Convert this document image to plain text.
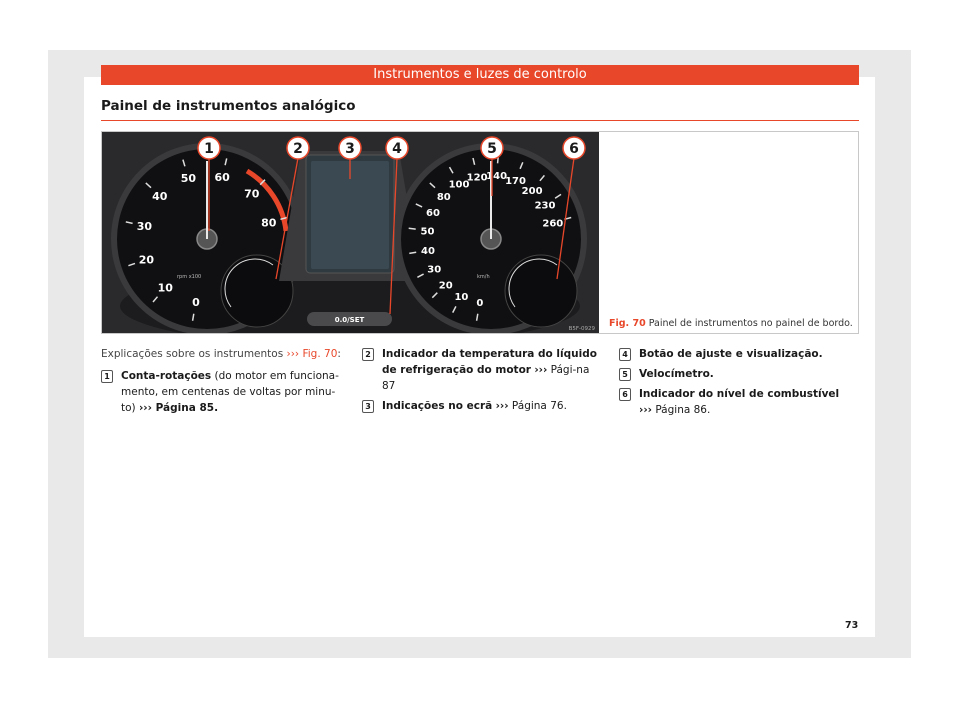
Instrumentos e luzes de controlo
Painel de instrumentos analógico
0
10
20
30
40
50 60
70
80
rpm x100
0.0/SET
0
10
20
30
40
50
60
80
100
120
140
170
200
230
260
km/h
1	2	3	4	5	6
B5F-0929 Fig. 70 Painel de instrumentos no painel de bordo.
Explicações sobre os instrumentos ››› Fig. 70:
1	Conta-rotações (do motor em funciona-mento, em centenas de voltas por minu-to) ››› Página 85.
2	Indicador da temperatura do líquido de refrigeração do motor ››› Pági-na 87
3	Indicações no ecrã ››› Página 76.
4	Botão de ajuste e visualização.
5	Velocímetro.
6	Indicador do nível de combustível
››› Página 86.
73
